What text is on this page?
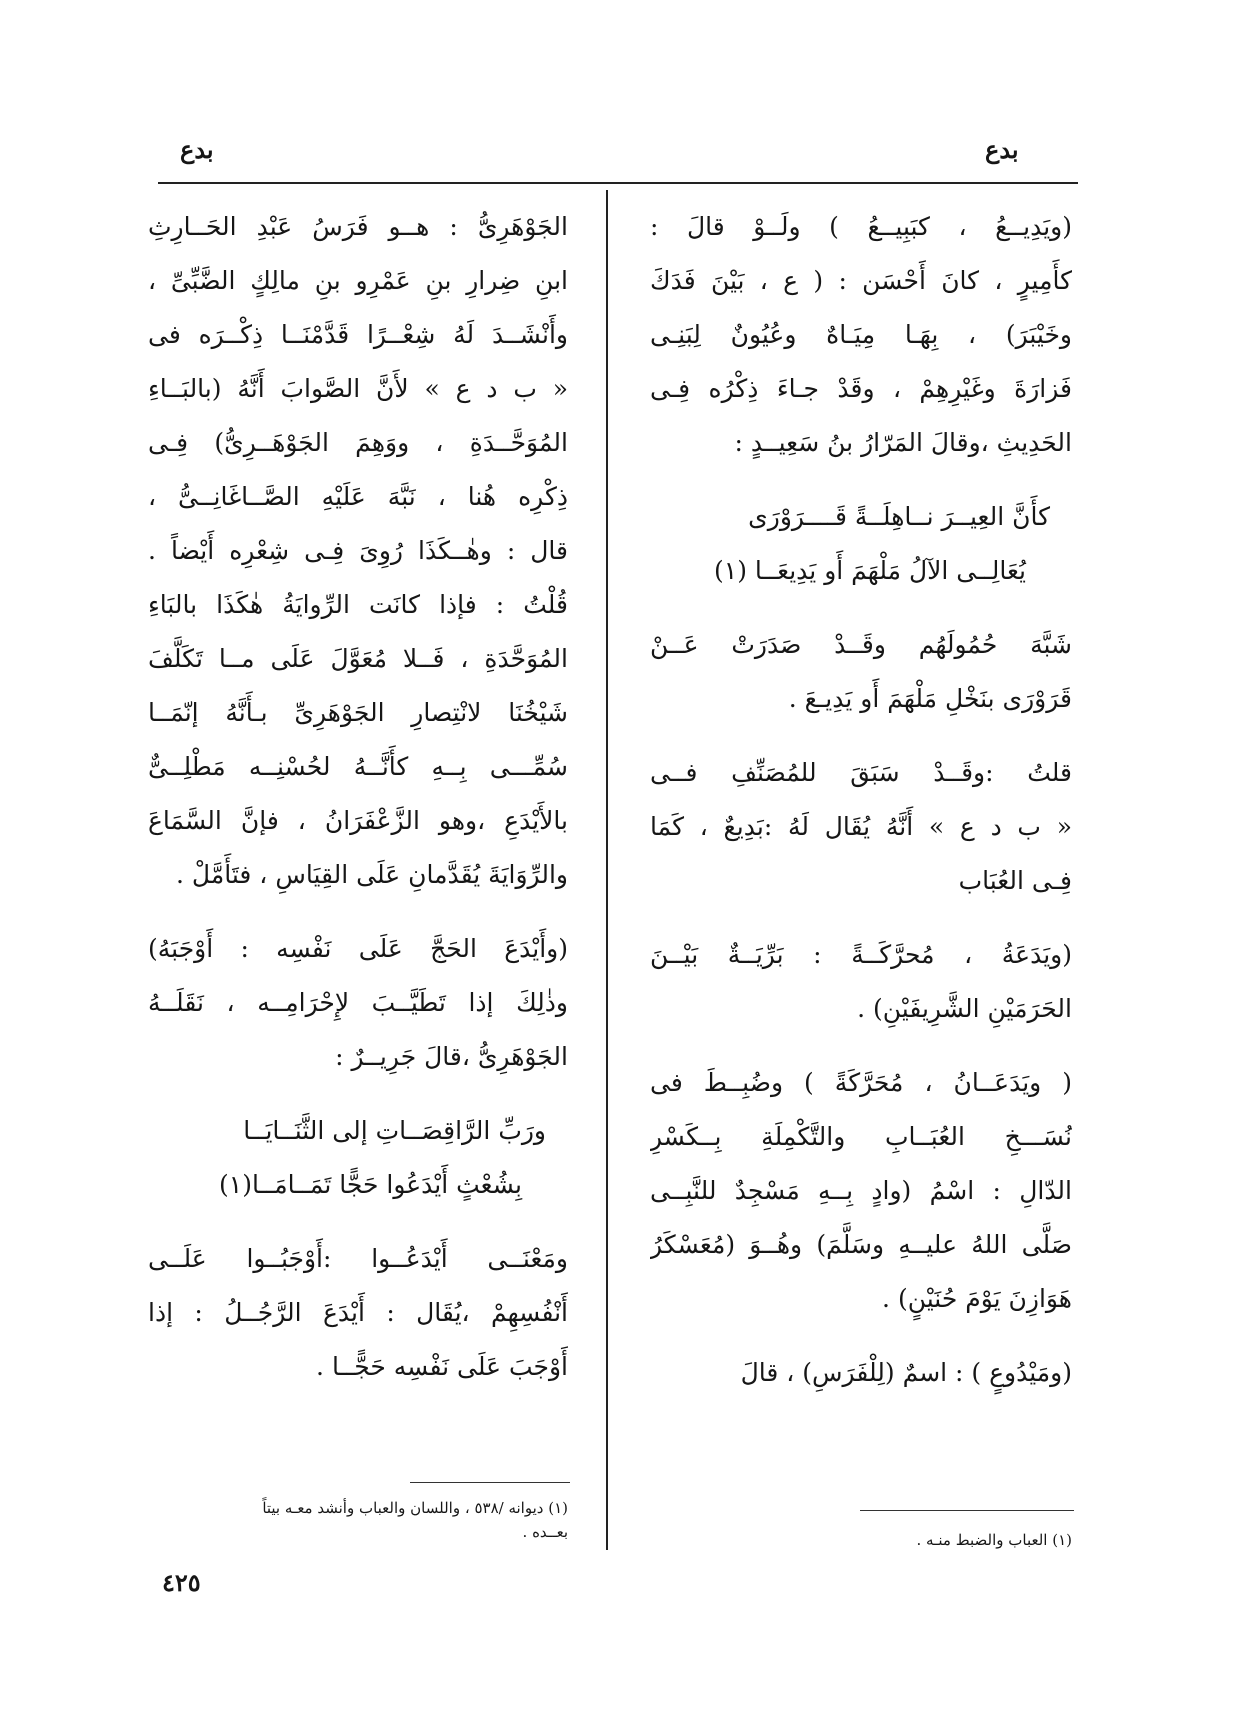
بدع
بدع
(ويَدِيــعُ ، كبَبِيــعُ ) ولَــوْ قالَ :
كأَمِيرٍ ، كانَ أَحْسَن : ( ع ، بَيْنَ فَدَكَ
وخَيْبَرَ) ، بِهَـا مِيَـاهٌ وعُيُونٌ لِبَنِـى
فَزارَةَ وغَيْرِهِمْ ، وقَدْ جـاءَ ذِكْرُه فِـى
الحَدِيثِ ،وقالَ المَرّارُ بنُ سَعِيــدٍ :
كأَنَّ العِيــرَ نــاهِلَــةً قَــــرَوْرَى
يُعَالِــى الآلُ مَلْهَمَ أَو يَدِيعَــا (١)
شَبَّهَ حُمُولَهُم وقَــدْ صَدَرَتْ عَــنْ
قَرَوْرَى بنَخْلِ مَلْهَمَ أَو يَدِيـعَ .
قلتُ :وقَــدْ سَبَقَ للمُصَنِّفِ فــى
« ب د ع » أَنَّهُ يُقَال لَهُ :بَدِيعٌ ، كَمَا
فِـى العُبَاب
(ويَدَعَةُ ، مُحرَّكَــةً : بَرِّيَــةٌ بَيْــنَ
الحَرَمَيْنِ الشَّرِيفَيْنِ) .
( ويَدَعَــانُ ، مُحَرَّكَةً ) وضُبِــطَ فى
نُسَـــخِ العُبَــابِ والتَّكْمِلَةِ بِــكَسْرِ
الدّالِ : اسْمُ (وادٍ بِــهِ مَسْجِدٌ للنَّبِــى
صَلَّى اللهُ عليــهِ وسَلَّمَ) وهُــوَ (مُعَسْكَرُ
هَوَازِنَ يَوْمَ حُنَيْنٍ) .
(ومَيْدُوعٍ ) : اسمٌ (لِلْفَرَسِ) ، قالَ
الجَوْهَرِىُّ : هــو فَرَسُ عَبْدِ الحَــارِثِ
ابنِ ضِرارِ بنِ عَمْرِو بنِ مالِكٍ الضَّبِّىِّ ،
وأَنْشَــدَ لَهُ شِعْــرًا قَدَّمْنَــا ذِكْــرَه فى
« ب د ع » لأَنَّ الصَّوابَ أَنَّهُ (بالبَــاءِ
المُوَحَّــدَةِ ، ووَهِمَ الجَوْهَــرِىُّ) فِـى
ذِكْرِه هُنا ، نَبَّهَ عَلَيْهِ الصَّــاغَانِــىُّ ،
قال : وهٰــكَذَا رُوِىَ فِـى شِعْرِه أَيْضاً .
قُلْتُ : فإذا كانَت الرِّوايَةُ هٰكَذَا بالبَاءِ
المُوَحَّدَةِ ، فَــلا مُعَوَّلَ عَلَى مــا تَكَلَّفَ
شَيْخُنَا لانْتِصارِ الجَوْهَرِىِّ بـأَنَّهُ إنّمَــا
سُمِّـــى بِــهِ كأَنَّــهُ لحُسْنِــه مَطْلِــىٌّ
بالأَيْدَعِ ،وهو الزَّعْفَرَانُ ، فإنَّ السَّمَاعَ
والرِّوَايَةَ يُقَدَّمانِ عَلَى القِيَاسِ ، فتَأَمَّلْ .
(وأَيْدَعَ الحَجَّ عَلَى نَفْسِه : أَوْجَبَهُ)
وذٰلِكَ إذا تَطَيَّــبَ لإِحْرَامِــه ، نَقَلَــهُ
الجَوْهَرِىُّ ،قالَ جَرِيــرٌ :
ورَبِّ الرَّاقِصَــاتِ إلى الثَّنَــايَــا
بِشُعْثٍ أَيْدَعُوا حَجًّا تَمَــامَــا(١)
ومَعْنَــى أَيْدَعُــوا :أَوْجَبُــوا عَلَــى
أَنْفُسِهِمْ ،يُقَال : أَيْدَعَ الرَّجُــلُ : إذا
أَوْجَبَ عَلَى نَفْسِه حَجًّــا .
(١) ديوانه /٥٣٨ ، واللسان والعباب وأنشد معـه بيتاً
بعــده .	(١) العباب والضبط منـه .
٤٢٥
